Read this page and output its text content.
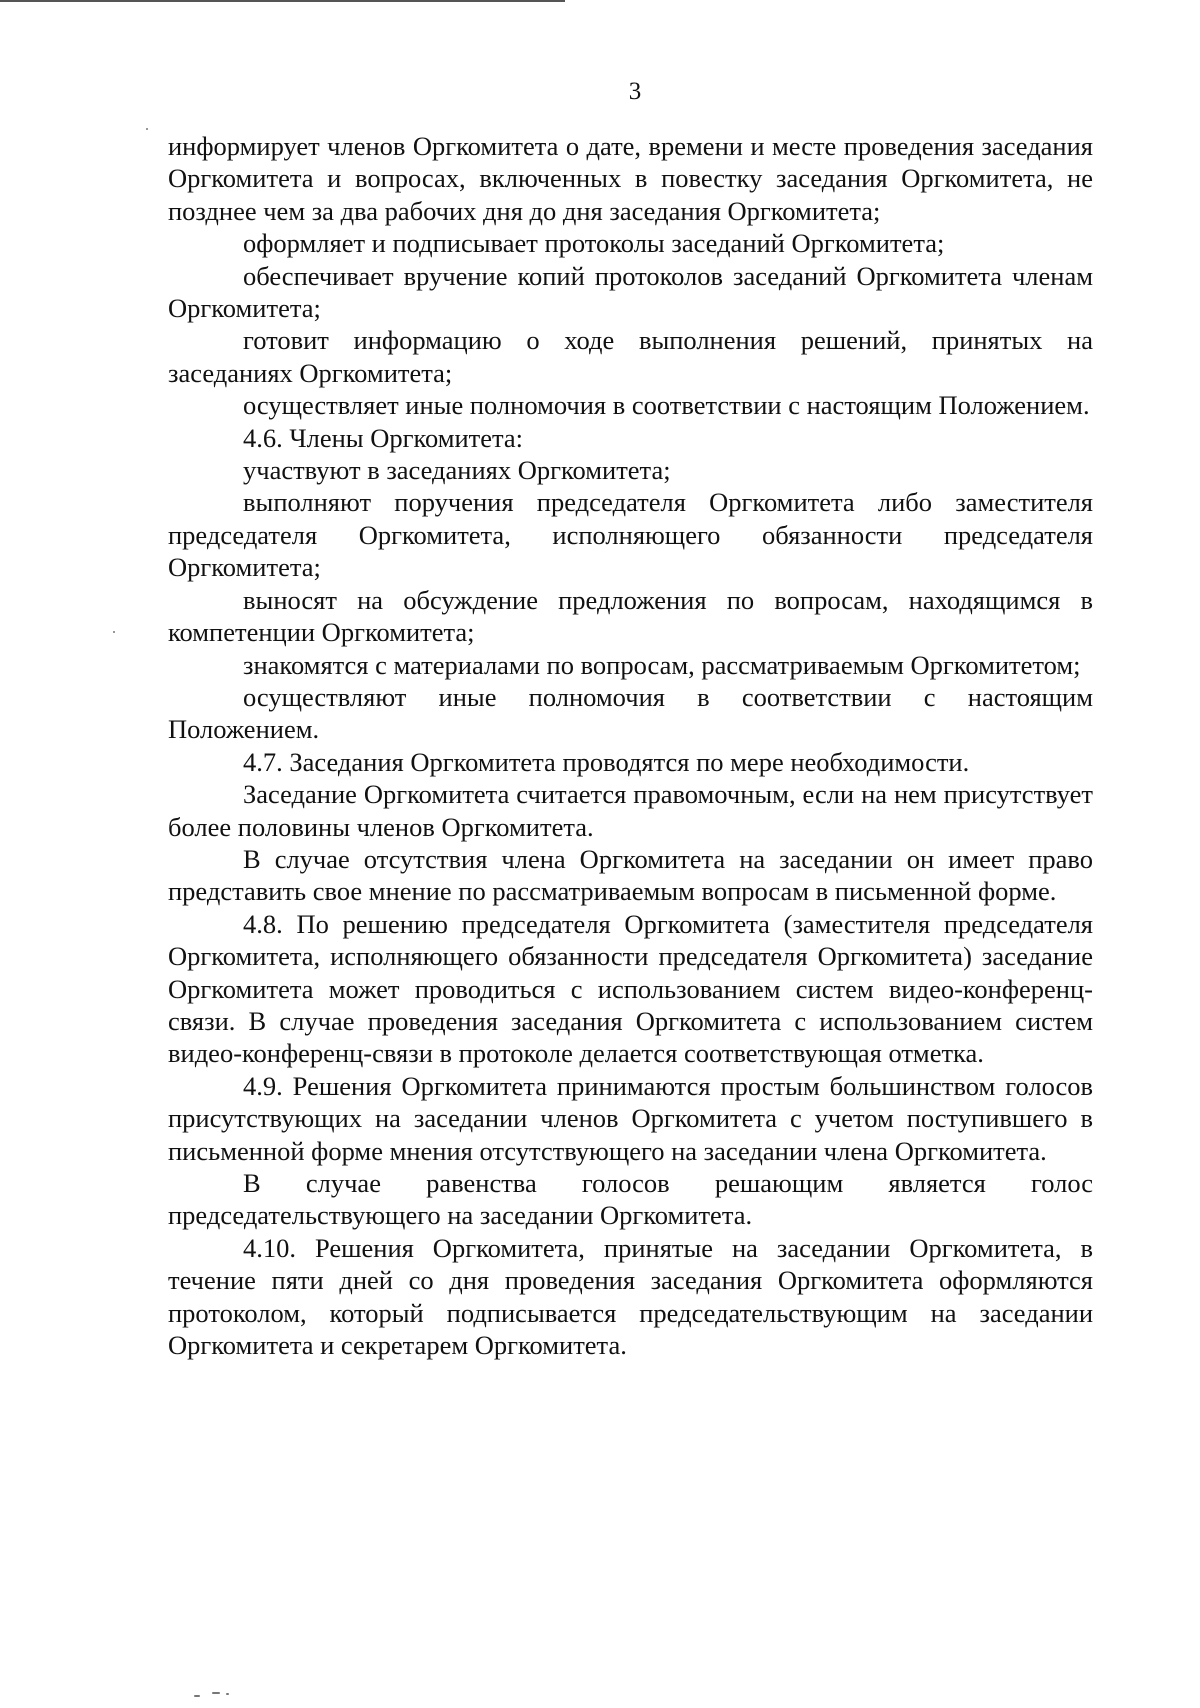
3

информирует членов Оргкомитета о дате, времени и месте проведения заседания Оргкомитета и вопросах, включенных в повестку заседания Оргкомитета, не позднее чем за два рабочих дня до дня заседания Оргкомитета;

оформляет и подписывает протоколы заседаний Оргкомитета;

обеспечивает вручение копий протоколов заседаний Оргкомитета членам Оргкомитета;

готовит информацию о ходе выполнения решений, принятых на заседаниях Оргкомитета;

осуществляет иные полномочия в соответствии с настоящим Положением.

4.6. Члены Оргкомитета:

участвуют в заседаниях Оргкомитета;

выполняют поручения председателя Оргкомитета либо заместителя председателя Оргкомитета, исполняющего обязанности председателя Оргкомитета;

выносят на обсуждение предложения по вопросам, находящимся в компетенции Оргкомитета;

знакомятся с материалами по вопросам, рассматриваемым Оргкомитетом;

осуществляют иные полномочия в соответствии с настоящим Положением.

4.7. Заседания Оргкомитета проводятся по мере необходимости.

Заседание Оргкомитета считается правомочным, если на нем присутствует более половины членов Оргкомитета.

В случае отсутствия члена Оргкомитета на заседании он имеет право представить свое мнение по рассматриваемым вопросам в письменной форме.

4.8. По решению председателя Оргкомитета (заместителя председателя Оргкомитета, исполняющего обязанности председателя Оргкомитета) заседание Оргкомитета может проводиться с использованием систем видео-конференц-связи. В случае проведения заседания Оргкомитета с использованием систем видео-конференц-связи в протоколе делается соответствующая отметка.

4.9. Решения Оргкомитета принимаются простым большинством голосов присутствующих на заседании членов Оргкомитета с учетом поступившего в письменной форме мнения отсутствующего на заседании члена Оргкомитета.

В случае равенства голосов решающим является голос председательствующего на заседании Оргкомитета.

4.10. Решения Оргкомитета, принятые на заседании Оргкомитета, в течение пяти дней со дня проведения заседания Оргкомитета оформляются протоколом, который подписывается председательствующим на заседании Оргкомитета и секретарем Оргкомитета.
